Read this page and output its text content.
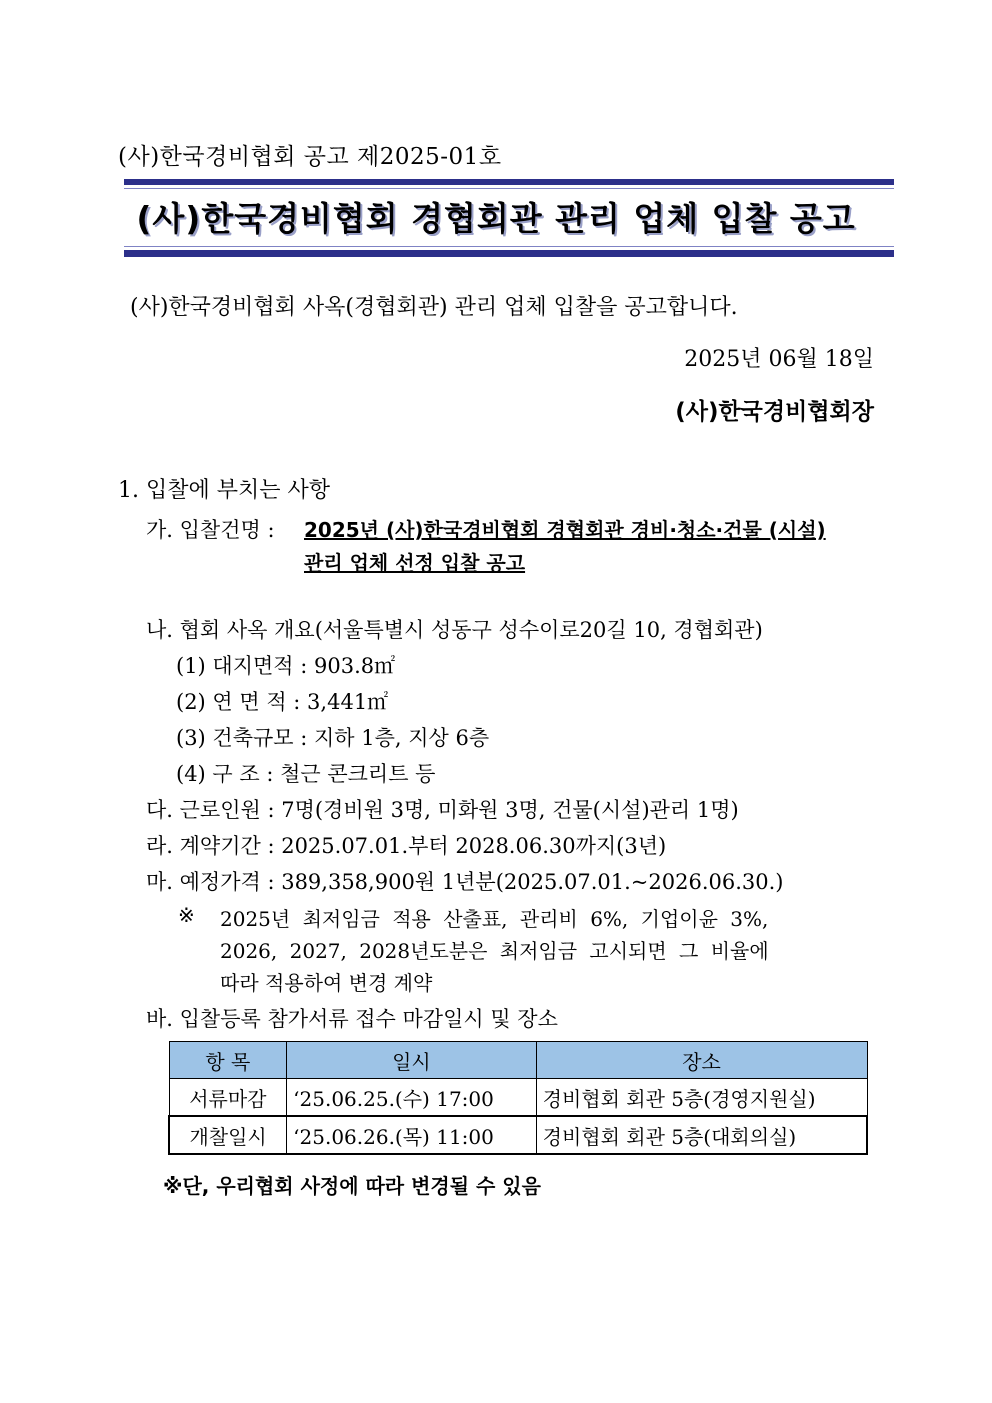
(사)한국경비협회 공고 제2025-01호
(사)한국경비협회 경협회관 관리 업체 입찰 공고
(사)한국경비협회 사옥(경협회관) 관리 업체 입찰을 공고합니다.
2025년 06월 18일
(사)한국경비협회장
1. 입찰에 부치는 사항
가. 입찰건명 : 2025년 (사)한국경비협회 경협회관 경비·청소·건물 (시설)
관리 업체 선정 입찰 공고
나. 협회 사옥 개요(서울특별시 성동구 성수이로20길 10, 경협회관)
(1) 대지면적 : 903.8㎡
(2) 연 면 적 : 3,441㎡
(3) 건축규모 : 지하 1층, 지상 6층
(4) 구 조 : 철근 콘크리트 등
다. 근로인원 : 7명(경비원 3명, 미화원 3명, 건물(시설)관리 1명)
라. 계약기간 : 2025.07.01.부터 2028.06.30까지(3년)
마. 예정가격 : 389,358,900원 1년분(2025.07.01.~2026.06.30.)
※ 2025년 최저임금 적용 산출표, 관리비 6%, 기업이윤 3%,
2026, 2027, 2028년도분은 최저임금 고시되면 그 비율에
따라 적용하여 변경 계약
바. 입찰등록 참가서류 접수 마감일시 및 장소
항 목	일시	장소
서류마감	‘25.06.25.(수) 17:00	경비협회 회관 5층(경영지원실)
개찰일시	‘25.06.26.(목) 11:00	경비협회 회관 5층(대회의실)
※단, 우리협회 사정에 따라 변경될 수 있음
